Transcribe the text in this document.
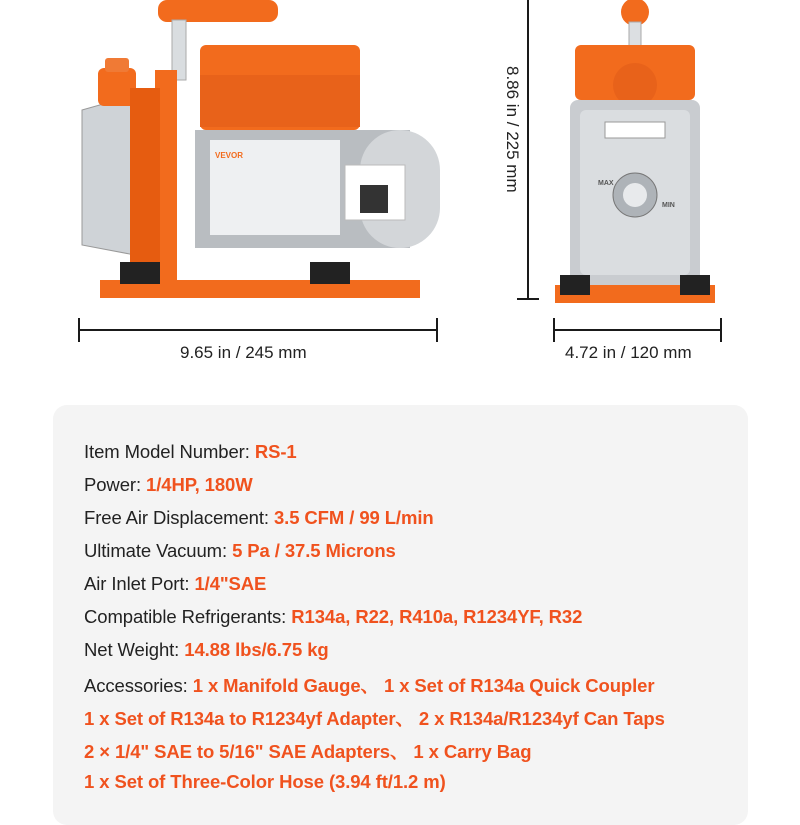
VEVOR
MAX
MIN
9.65 in / 245 mm	4.72 in / 120 mm
8.86 in / 225 mm
Item Model Number: RS-1
Power: 1/4HP, 180W
Free Air Displacement: 3.5 CFM / 99 L/min
Ultimate Vacuum: 5 Pa / 37.5 Microns
Air Inlet Port: 1/4"SAE
Compatible Refrigerants: R134a, R22, R410a, R1234YF, R32
Net Weight: 14.88 lbs/6.75 kg
Accessories: 1 x Manifold Gauge、 1 x Set of R134a Quick Coupler
1 x Set of R134a to R1234yf Adapter、 2 x R134a/R1234yf Can Taps
2 × 1/4" SAE to 5/16" SAE Adapters、 1 x Carry Bag
1 x Set of Three-Color Hose (3.94 ft/1.2 m)
